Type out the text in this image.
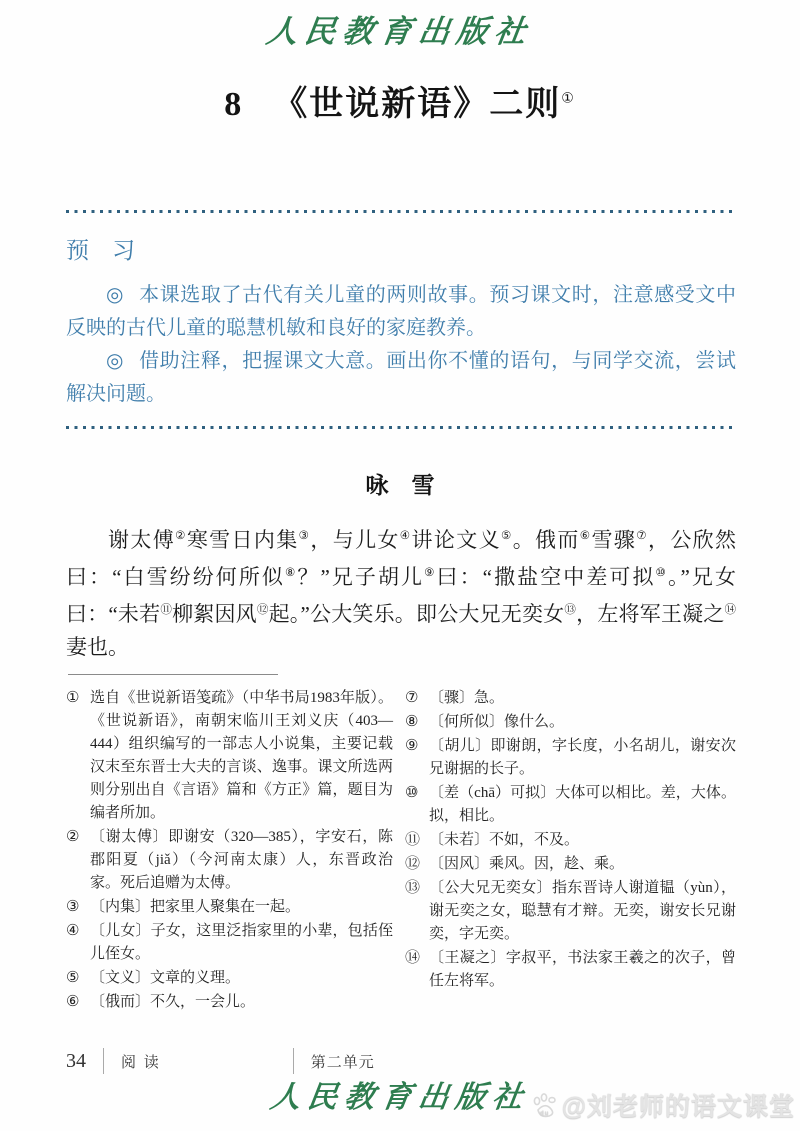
人民教育出版社
8 《世说新语》二则①
预　习

◎ 本课选取了古代有关儿童的两则故事。预习课文时，注意感受文中反映的古代儿童的聪慧机敏和良好的家庭教养。

◎ 借助注释，把握课文大意。画出你不懂的语句，与同学交流，尝试解决问题。

咏　雪

谢太傅②寒雪日内集③，与儿女④讲论文义⑤。俄而⑥雪骤⑦，公欣然曰：“白雪纷纷何所似⑧？”兄子胡儿⑨曰：“撒盐空中差可拟⑩。”兄女曰：“未若⑪柳絮因风⑫起。”公大笑乐。即公大兄无奕女⑬，左将军王凝之⑭妻也。

① 选自《世说新语笺疏》（中华书局1983年版）。《世说新语》，南朝宋临川王刘义庆（403—444）组织编写的一部志人小说集，主要记载汉末至东晋士大夫的言谈、逸事。课文所选两则分别出自《言语》篇和《方正》篇，题目为编者所加。
② 〔谢太傅〕即谢安（320—385），字安石，陈郡阳夏（jiǎ）（今河南太康）人，东晋政治家。死后追赠为太傅。
③ 〔内集〕把家里人聚集在一起。
④ 〔儿女〕子女，这里泛指家里的小辈，包括侄儿侄女。
⑤ 〔文义〕文章的义理。
⑥ 〔俄而〕不久，一会儿。
⑦ 〔骤〕急。
⑧ 〔何所似〕像什么。
⑨ 〔胡儿〕即谢朗，字长度，小名胡儿，谢安次兄谢据的长子。
⑩ 〔差（chā）可拟〕大体可以相比。差，大体。拟，相比。
⑪ 〔未若〕不如，不及。
⑫ 〔因风〕乘风。因，趁、乘。
⑬ 〔公大兄无奕女〕指东晋诗人谢道韫（yùn），谢无奕之女，聪慧有才辩。无奕，谢安长兄谢奕，字无奕。
⑭ 〔王凝之〕字叔平，书法家王羲之的次子，曾任左将军。
34 阅 读	第二单元
人民教育出版社	du @刘老师的语文课堂
